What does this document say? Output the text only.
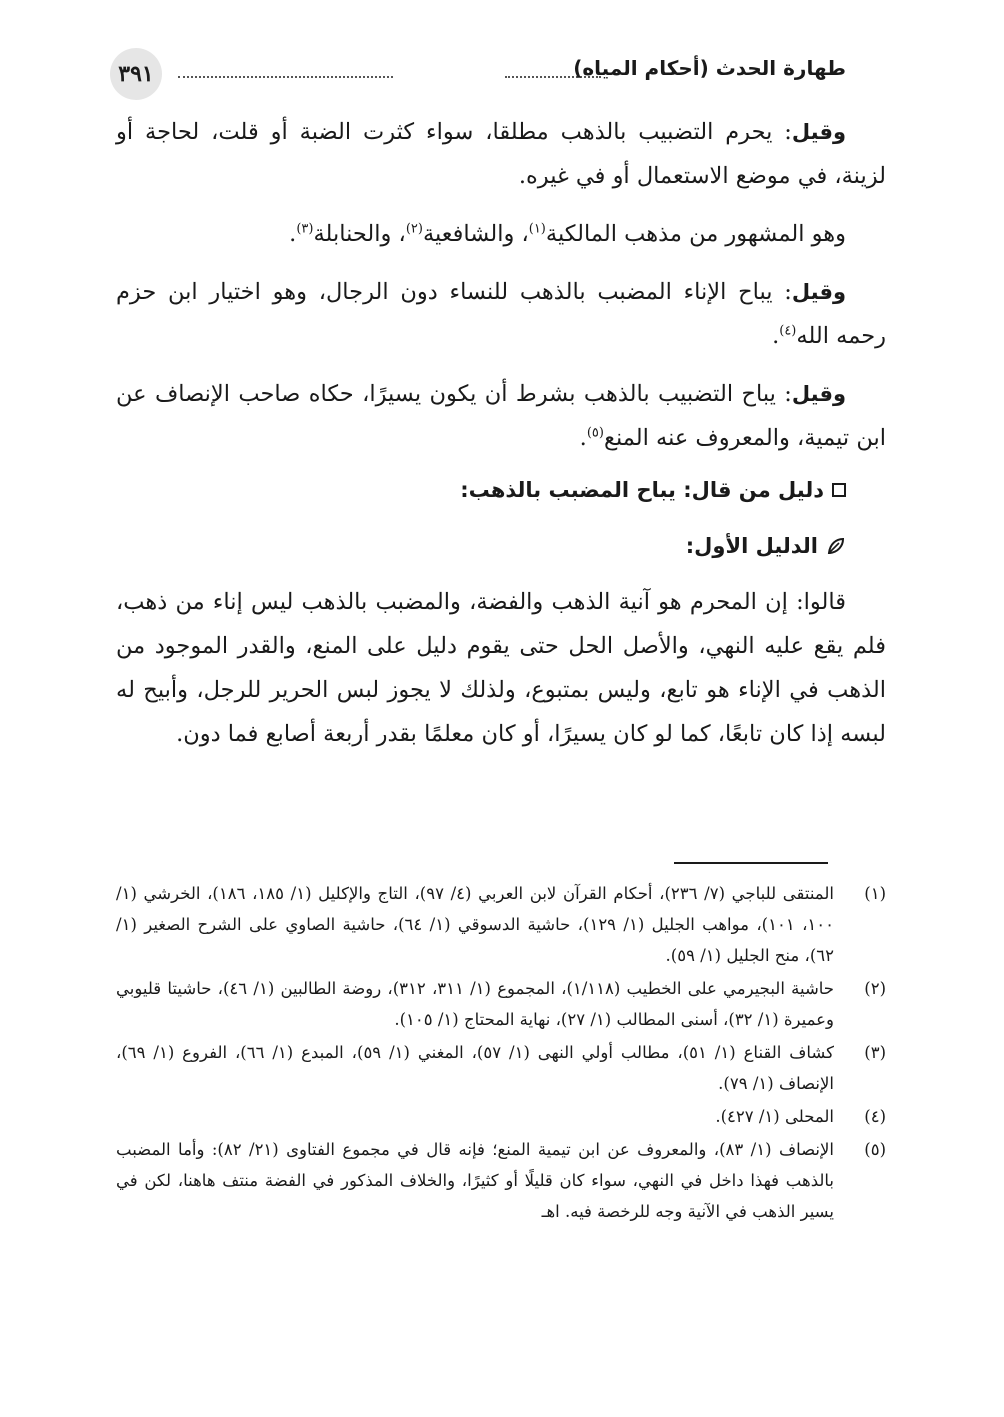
٣٩١	طهارة الحدث (أحكام المياه)

وقيل: يحرم التضبيب بالذهب مطلقا، سواء كثرت الضبة أو قلت، لحاجة أو لزينة، في موضع الاستعمال أو في غيره.

وهو المشهور من مذهب المالكية$^{(١)}$، والشافعية$^{(٢)}$، والحنابلة$^{(٣)}$.

وقيل: يباح الإناء المضبب بالذهب للنساء دون الرجال، وهو اختيار ابن حزم رحمه الله$^{(٤)}$.

وقيل: يباح التضبيب بالذهب بشرط أن يكون يسيرًا، حكاه صاحب الإنصاف عن ابن تيمية، والمعروف عنه المنع$^{(٥)}$.

دليل من قال: يباح المضبب بالذهب:
الدليل الأول:

قالوا: إن المحرم هو آنية الذهب والفضة، والمضبب بالذهب ليس إناء من ذهب، فلم يقع عليه النهي، والأصل الحل حتى يقوم دليل على المنع، والقدر الموجود من الذهب في الإناء هو تابع، وليس بمتبوع، ولذلك لا يجوز لبس الحرير للرجل، وأبيح له لبسه إذا كان تابعًا، كما لو كان يسيرًا، أو كان معلمًا بقدر أربعة أصابع فما دون.

(١)
المنتقى للباجي (٧/ ٢٣٦)، أحكام القرآن لابن العربي (٤/ ٩٧)، التاج والإكليل (١/ ١٨٥، ١٨٦)، الخرشي (١/ ١٠٠، ١٠١)، مواهب الجليل (١/ ١٢٩)، حاشية الدسوقي (١/ ٦٤)، حاشية الصاوي على الشرح الصغير (١/ ٦٢)، منح الجليل (١/ ٥٩).
(٢)
حاشية البجيرمي على الخطيب (١/١١٨)، المجموع (١/ ٣١١، ٣١٢)، روضة الطالبين (١/ ٤٦)، حاشيتا قليوبي وعميرة (١/ ٣٢)، أسنى المطالب (١/ ٢٧)، نهاية المحتاج (١/ ١٠٥).
(٣)
كشاف القناع (١/ ٥١)، مطالب أولي النهى (١/ ٥٧)، المغني (١/ ٥٩)، المبدع (١/ ٦٦)، الفروع (١/ ٦٩)، الإنصاف (١/ ٧٩).
(٤)
المحلى (١/ ٤٢٧).
(٥)
الإنصاف (١/ ٨٣)، والمعروف عن ابن تيمية المنع؛ فإنه قال في مجموع الفتاوى (٢١/ ٨٢): وأما المضبب بالذهب فهذا داخل في النهي، سواء كان قليلًا أو كثيرًا، والخلاف المذكور في الفضة منتف هاهنا، لكن في يسير الذهب في الآنية وجه للرخصة فيه. اهـ
